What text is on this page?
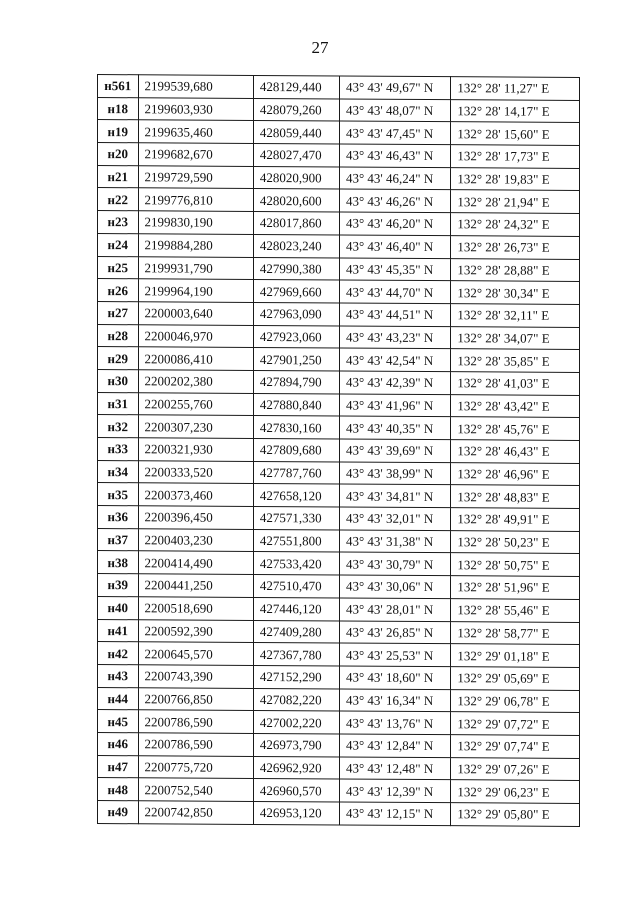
27
н561	2199539,680	428129,440	43° 43' 49,67" N	132° 28' 11,27" E
н18	2199603,930	428079,260	43° 43' 48,07" N	132° 28' 14,17" E
н19	2199635,460	428059,440	43° 43' 47,45" N	132° 28' 15,60" E
н20	2199682,670	428027,470	43° 43' 46,43" N	132° 28' 17,73" E
н21	2199729,590	428020,900	43° 43' 46,24" N	132° 28' 19,83" E
н22	2199776,810	428020,600	43° 43' 46,26" N	132° 28' 21,94" E
н23	2199830,190	428017,860	43° 43' 46,20" N	132° 28' 24,32" E
н24	2199884,280	428023,240	43° 43' 46,40" N	132° 28' 26,73" E
н25	2199931,790	427990,380	43° 43' 45,35" N	132° 28' 28,88" E
н26	2199964,190	427969,660	43° 43' 44,70" N	132° 28' 30,34" E
н27	2200003,640	427963,090	43° 43' 44,51" N	132° 28' 32,11" E
н28	2200046,970	427923,060	43° 43' 43,23" N	132° 28' 34,07" E
н29	2200086,410	427901,250	43° 43' 42,54" N	132° 28' 35,85" E
н30	2200202,380	427894,790	43° 43' 42,39" N	132° 28' 41,03" E
н31	2200255,760	427880,840	43° 43' 41,96" N	132° 28' 43,42" E
н32	2200307,230	427830,160	43° 43' 40,35" N	132° 28' 45,76" E
н33	2200321,930	427809,680	43° 43' 39,69" N	132° 28' 46,43" E
н34	2200333,520	427787,760	43° 43' 38,99" N	132° 28' 46,96" E
н35	2200373,460	427658,120	43° 43' 34,81" N	132° 28' 48,83" E
н36	2200396,450	427571,330	43° 43' 32,01" N	132° 28' 49,91" E
н37	2200403,230	427551,800	43° 43' 31,38" N	132° 28' 50,23" E
н38	2200414,490	427533,420	43° 43' 30,79" N	132° 28' 50,75" E
н39	2200441,250	427510,470	43° 43' 30,06" N	132° 28' 51,96" E
н40	2200518,690	427446,120	43° 43' 28,01" N	132° 28' 55,46" E
н41	2200592,390	427409,280	43° 43' 26,85" N	132° 28' 58,77" E
н42	2200645,570	427367,780	43° 43' 25,53" N	132° 29' 01,18" E
н43	2200743,390	427152,290	43° 43' 18,60" N	132° 29' 05,69" E
н44	2200766,850	427082,220	43° 43' 16,34" N	132° 29' 06,78" E
н45	2200786,590	427002,220	43° 43' 13,76" N	132° 29' 07,72" E
н46	2200786,590	426973,790	43° 43' 12,84" N	132° 29' 07,74" E
н47	2200775,720	426962,920	43° 43' 12,48" N	132° 29' 07,26" E
н48	2200752,540	426960,570	43° 43' 12,39" N	132° 29' 06,23" E
н49	2200742,850	426953,120	43° 43' 12,15" N	132° 29' 05,80" E
